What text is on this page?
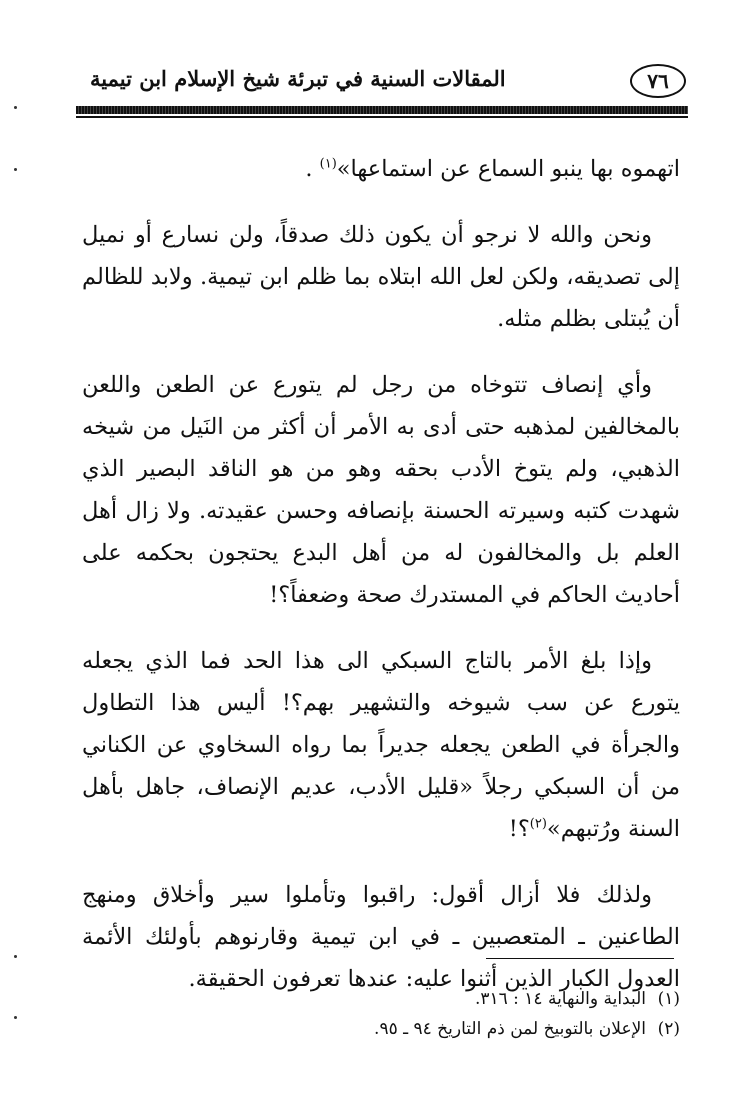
٧٦
المقالات السنية في تبرئة شيخ الإسلام ابن تيمية

اتهموه بها ينبو السماع عن استماعها»$^{(١)}$ .

ونحن والله لا نرجو أن يكون ذلك صدقاً، ولن نسارع أو نميل إلى تصديقه، ولكن لعل الله ابتلاه بما ظلم ابن تيمية. ولابد للظالم أن يُبتلى بظلم مثله.

وأي إنصاف تتوخاه من رجل لم يتورع عن الطعن واللعن بالمخالفين لمذهبه حتى أدى به الأمر أن أكثر من النَيل من شيخه الذهبي، ولم يتوخ الأدب بحقه وهو من هو الناقد البصير الذي شهدت كتبه وسيرته الحسنة بإنصافه وحسن عقيدته. ولا زال أهل العلم بل والمخالفون له من أهل البدع يحتجون بحكمه على أحاديث الحاكم في المستدرك صحة وضعفاً؟!

وإذا بلغ الأمر بالتاج السبكي الى هذا الحد فما الذي يجعله يتورع عن سب شيوخه والتشهير بهم؟! أليس هذا التطاول والجرأة في الطعن يجعله جديراً بما رواه السخاوي عن الكناني من أن السبكي رجلاً «قليل الأدب، عديم الإنصاف، جاهل بأهل السنة ورُتبهم»$^{(٢)}$؟!

ولذلك فلا أزال أقول: راقبوا وتأملوا سير وأخلاق ومنهج الطاعنين ـ المتعصبين ـ في ابن تيمية وقارنوهم بأولئك الأئمة العدول الكبار الذين أثنوا عليه: عندها تعرفون الحقيقة.

(١)البداية والنهاية ١٤ : ٣١٦.
(٢)الإعلان بالتوبيخ لمن ذم التاريخ ٩٤ ـ ٩٥.
